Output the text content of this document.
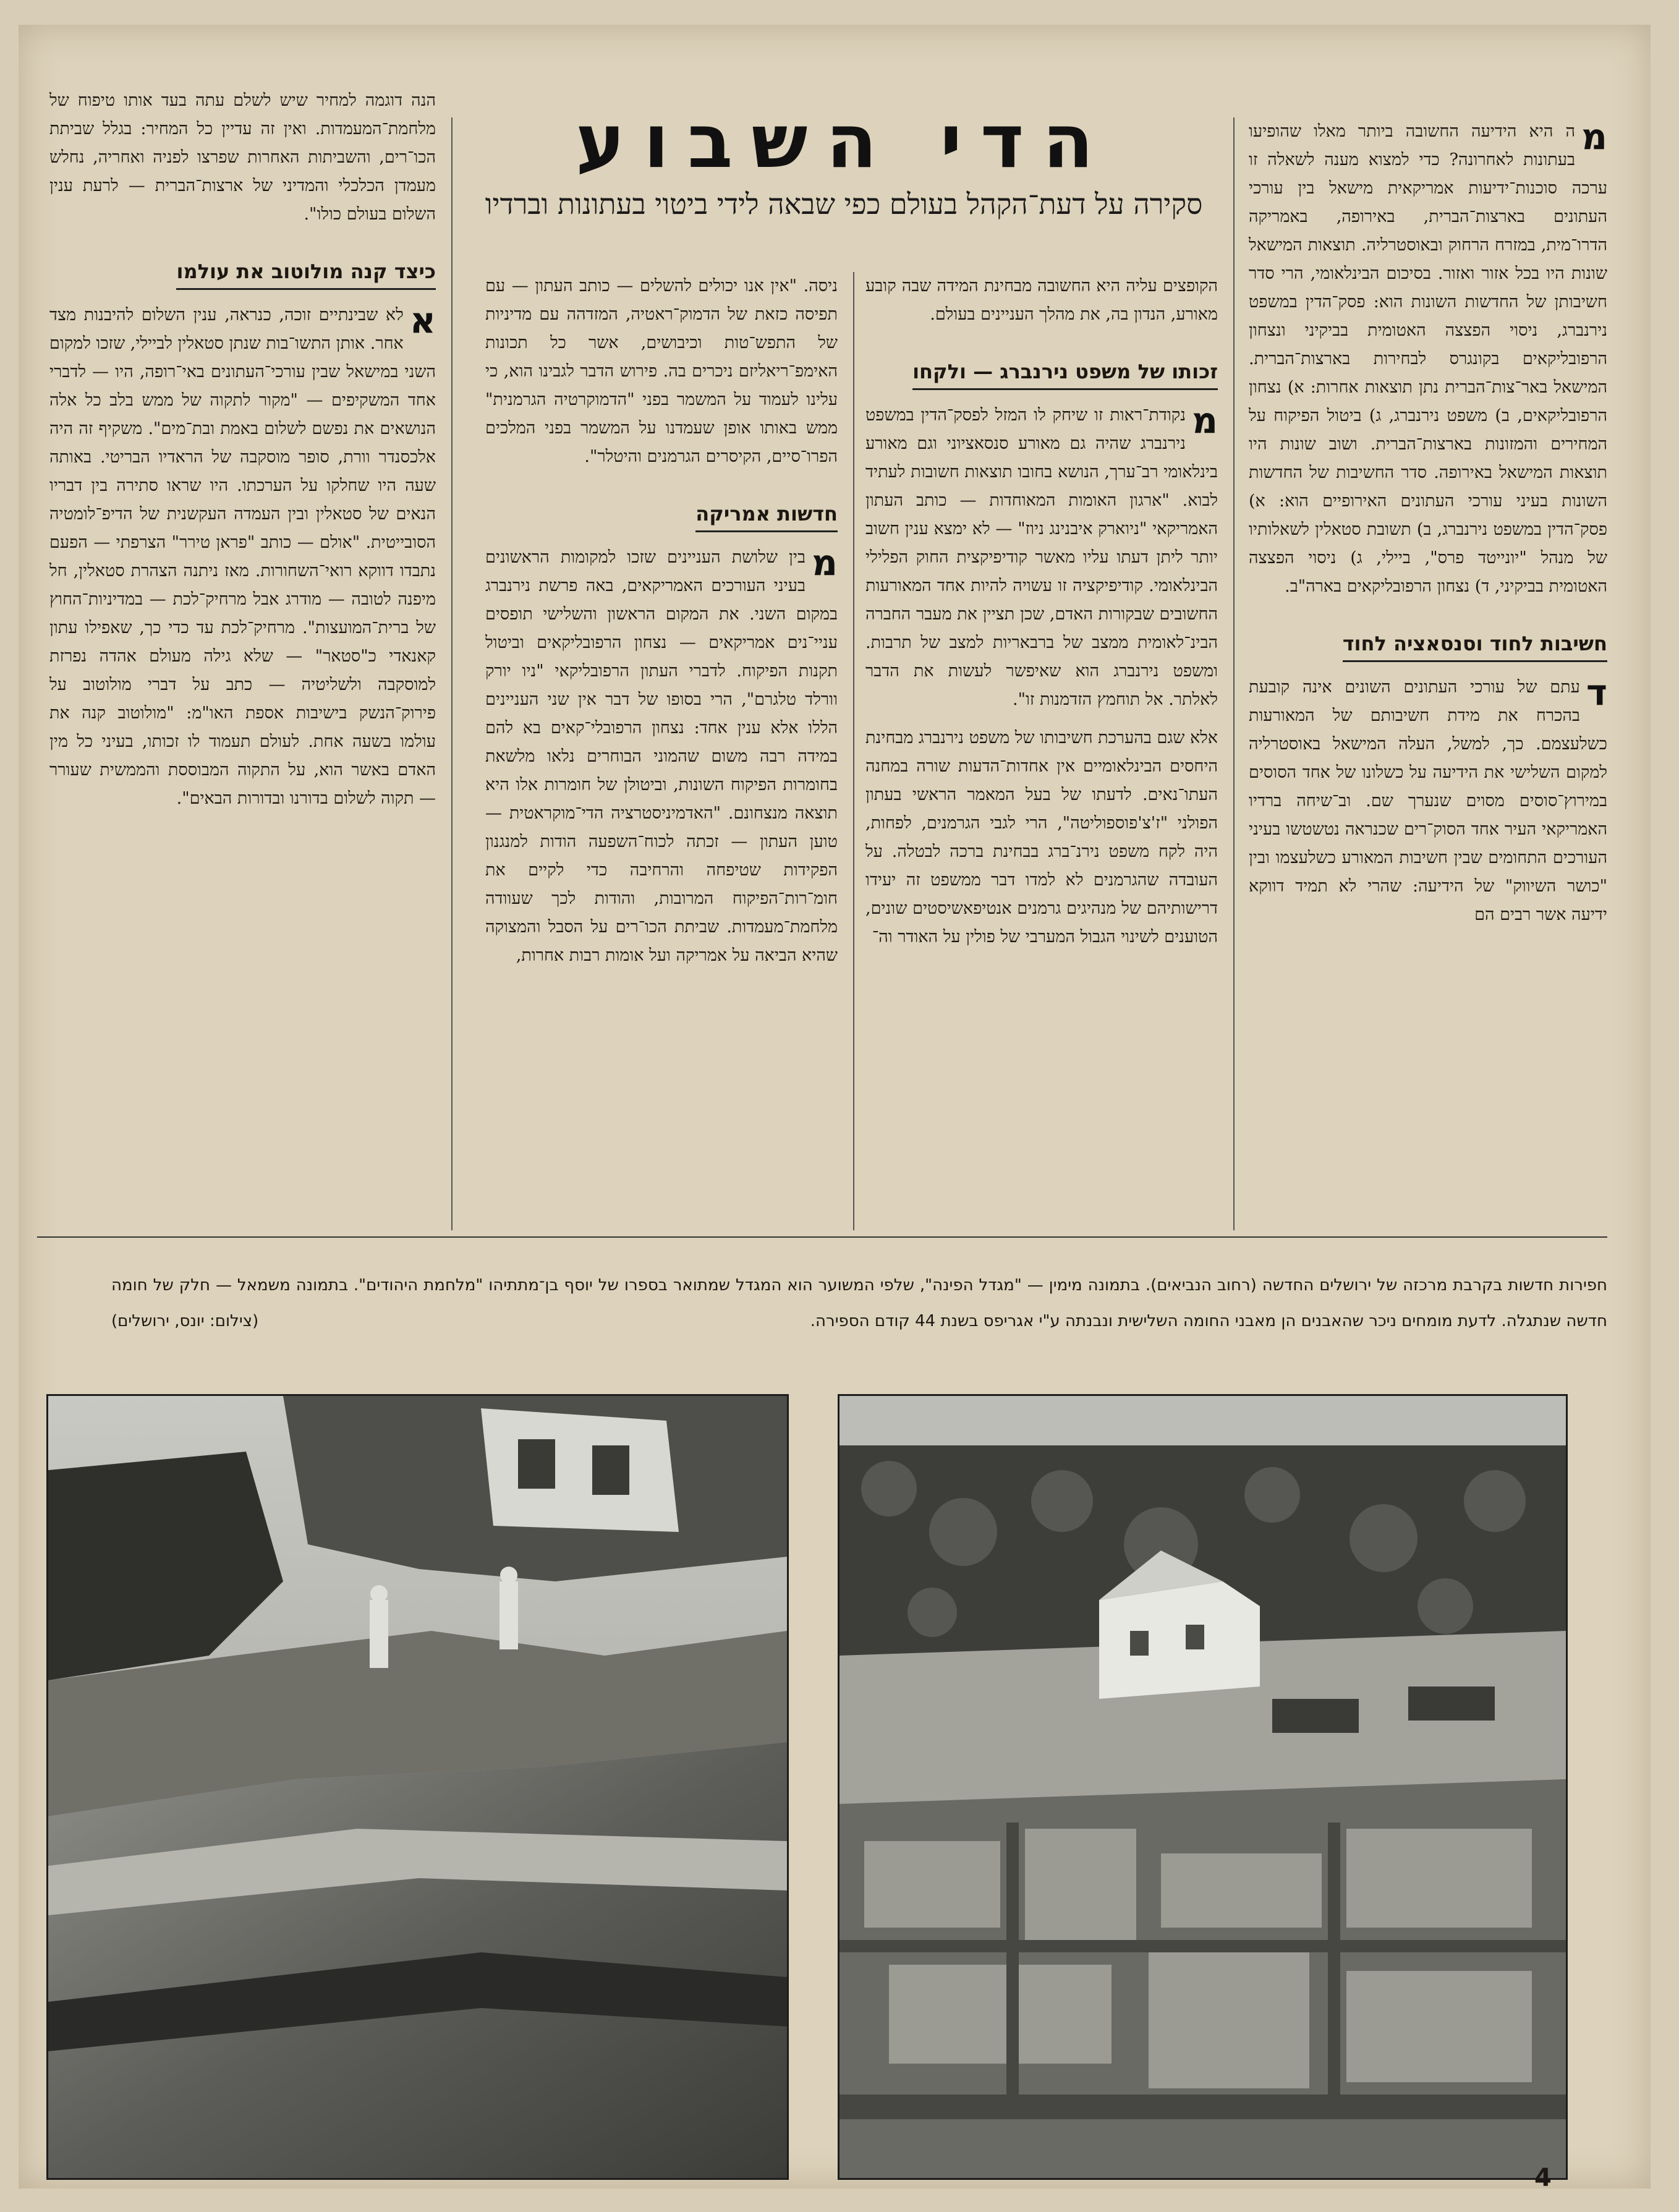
הדי השבוע
סקירה על דעת־הקהל בעולם כפי שבאה לידי ביטוי בעתונות וברדיו

מ
ה היא הידיעה החשובה ביותר מאלו שהופיעו בעתונות לאחרונה? כדי למצוא מענה לשאלה זו ערכה סוכנות־ידיעות אמריקאית מישאל בין עורכי העתונים בארצות־הברית, באירופה, באמריקה הדרו־מית, במזרח הרחוק ובאוסטרליה. תוצאות המישאל שונות היו בכל אזור ואזור. בסיכום הבינלאומי, הרי סדר חשיבותן של החדשות השונות הוא: פסק־הדין במשפט נירנברג, ניסוי הפצצה האטומית בביקיני ונצחון הרפובליקאים בקונגרס לבחירות בארצות־הברית. המישאל באר־צות־הברית נתן תוצאות אחרות: א) נצחון הרפובליקאים, ב) משפט נירנברג, ג) ביטול הפיקוח על המחירים והמזונות בארצות־הברית. ושוב שונות היו תוצאות המישאל באירופה. סדר החשיבות של החדשות השונות בעיני עורכי העתונים האירופיים הוא: א) פסק־הדין במשפט נירנברג, ב) תשובת סטאלין לשאלותיו של מנהל "יונייטד פרס", ביילי, ג) ניסוי הפצצה האטומית בביקיני, ד) נצחון הרפובליקאים בארה"ב.

חשיבות לחוד וסנסאציה לחוד

ד
עתם של עורכי העתונים השונים אינה קובעת בהכרח את מידת חשיבותם של המאורעות כשלעצמם. כך, למשל, העלה המישאל באוסטרליה למקום השלישי את הידיעה על כשלונו של אחד הסוסים במירוץ־סוסים מסוים שנערך שם. וב־שיחה ברדיו האמריקאי העיר אחד הסוק־רים שכנראה נטשטשו בעיני העורכים התחומים שבין חשיבות המאורע כשלעצמו ובין "כושר השיווק" של הידיעה: שהרי לא תמיד דווקא ידיעה אשר רבים הם

הקופצים עליה היא החשובה מבחינת המידה שבה קובע מאורע, הנדון בה, את מהלך העניינים בעולם.

זכותו של משפט נירנברג — ולקחו

מ
נקודת־ראות זו שיחק לו המזל לפסק־הדין במשפט נירנברג שהיה גם מאורע סנסאציוני וגם מאורע בינלאומי רב־ערך, הנושא בחובו תוצאות חשובות לעתיד לבוא. "ארגון האומות המאוחדות — כותב העתון האמריקאי "ניוארק איבנינג ניוז" — לא ימצא ענין חשוב יותר ליתן דעתו עליו מאשר קודיפיקצית החוק הפלילי הבינלאומי. קודיפיקציה זו עשויה להיות אחד המאורעות החשובים שבקורות האדם, שכן תציין את מעבר החברה הבינ־לאומית ממצב של ברבאריות למצב של תרבות. ומשפט נירנברג הוא שאיפשר לעשות את הדבר לאלתר. אל תוחמץ הזדמנות זו".

אלא שגם בהערכת חשיבותו של משפט נירנברג מבחינת היחסים הבינלאומיים אין אחדות־הדעות שורה במחנה העתו־נאים. לדעתו של בעל המאמר הראשי בעתון הפולני "ז'צ'פוספוליטה", הרי לגבי הגרמנים, לפחות, היה לקח משפט נירנ־ברג בבחינת ברכה לבטלה. על העובדה שהגרמנים לא למדו דבר ממשפט זה יעידו דרישותיהם של מנהיגים גרמנים אנטיפאשיסטים שונים, הטוענים לשינוי הגבול המערבי של פולין על האודר וה־

ניסה. "אין אנו יכולים להשלים — כותב העתון — עם תפיסה כזאת של הדמוק־ראטיה, המזדהה עם מדיניות של התפש־טות וכיבושים, אשר כל תכונות האימפ־ריאליזם ניכרים בה. פירוש הדבר לגבינו הוא, כי עלינו לעמוד על המשמר בפני "הדמוקרטיה הגרמנית" ממש באותו אופן שעמדנו על המשמר בפני המלכים הפרו־סיים, הקיסרים הגרמנים והיטלר".

חדשות אמריקה

מ
בין שלושת העניינים שזכו למקומות הראשונים בעיני העורכים האמריקאים, באה פרשת נירנברג במקום השני. את המקום הראשון והשלישי תופסים עניי־נים אמריקאים — נצחון הרפובליקאים וביטול תקנות הפיקוח. לדברי העתון הרפובליקאי "ניו יורק וורלד טלגרם", הרי בסופו של דבר אין שני העניינים הללו אלא ענין אחד: נצחון הרפובלי־קאים בא להם במידה רבה משום שהמוני הבוחרים נלאו מלשאת בחומרות הפיקוח השונות, וביטולן של חומרות אלו היא תוצאה מנצחונם. "האדמיניסטרציה הדי־מוקראטית — טוען העתון — זכתה לכוח־השפעה הודות למנגנון הפקידות שטיפחה והרחיבה כדי לקיים את חומ־רות־הפיקוח המרובות, והודות לכך שעוודה מלחמת־מעמדות. שביתת הכו־רים על הסבל והמצוקה שהיא הביאה על אמריקה ועל אומות רבות אחרות,

הנה דוגמה למחיר שיש לשלם עתה בעד אותו טיפוח של מלחמת־המעמדות. ואין זה עדיין כל המחיר: בגלל שביתת הכו־רים, והשביתות האחרות שפרצו לפניה ואחריה, נחלש מעמדן הכלכלי והמדיני של ארצות־הברית — לרעת ענין השלום בעולם כולו".

כיצד קנה מולוטוב את עולמו

א
לא שבינתיים זוכה, כנראה, ענין השלום להיבנות מצד אחר. אותן התשו־בות שנתן סטאלין לביילי, שזכו למקום השני במישאל שבין עורכי־העתונים באי־רופה, היו — לדברי אחד המשקיפים — "מקור לתקוה של ממש בלב כל אלה הנושאים את נפשם לשלום באמת ובת־מים". משקיף זה היה אלכסנדר וורת, סופר מוסקבה של הראדיו הבריטי. באותה שעה היו שחלקו על הערכתו. היו שראו סתירה בין דבריו הנאים של סטאלין ובין העמדה העקשנית של הדיפ־לומטיה הסובייטית. "אולם — כותב "פראן טירר" הצרפתי — הפעם נתבדו דווקא רואי־השחורות. מאז ניתנה הצהרת סטאלין, חל מיפנה לטובה — מודרג אבל מרחיק־לכת — במדיניות־החוץ של ברית־המועצות". מרחיק־לכת עד כדי כך, שאפילו עתון קאנאדי כ"סטאר" — שלא גילה מעולם אהדה נפרזת למוסקבה ולשליטיה — כתב על דברי מולוטוב על פירוק־הנשק בישיבות אספת האו"מ: "מולוטוב קנה את עולמו בשעה אחת. לעולם תעמוד לו זכותו, בעיני כל מין האדם באשר הוא, על התקוה המבוססת והממשית שעורר — תקוה לשלום בדורנו ובדורות הבאים".

חפירות חדשות בקרבת מרכזה של ירושלים החדשה (רחוב הנביאים). בתמונה מימין — "מגדל הפינה", שלפי המשוער הוא המגדל שמתואר בספרו של יוסף בן־מתתיהו "מלחמת היהודים". בתמונה משמאל — חלק של חומה חדשה שנתגלה. לדעת מומחים ניכר שהאבנים הן מאבני החומה השלישית ונבנתה ע"י אגריפס בשנת 44 קודם הספירה.
(צילום: יונס, ירושלים)
4
